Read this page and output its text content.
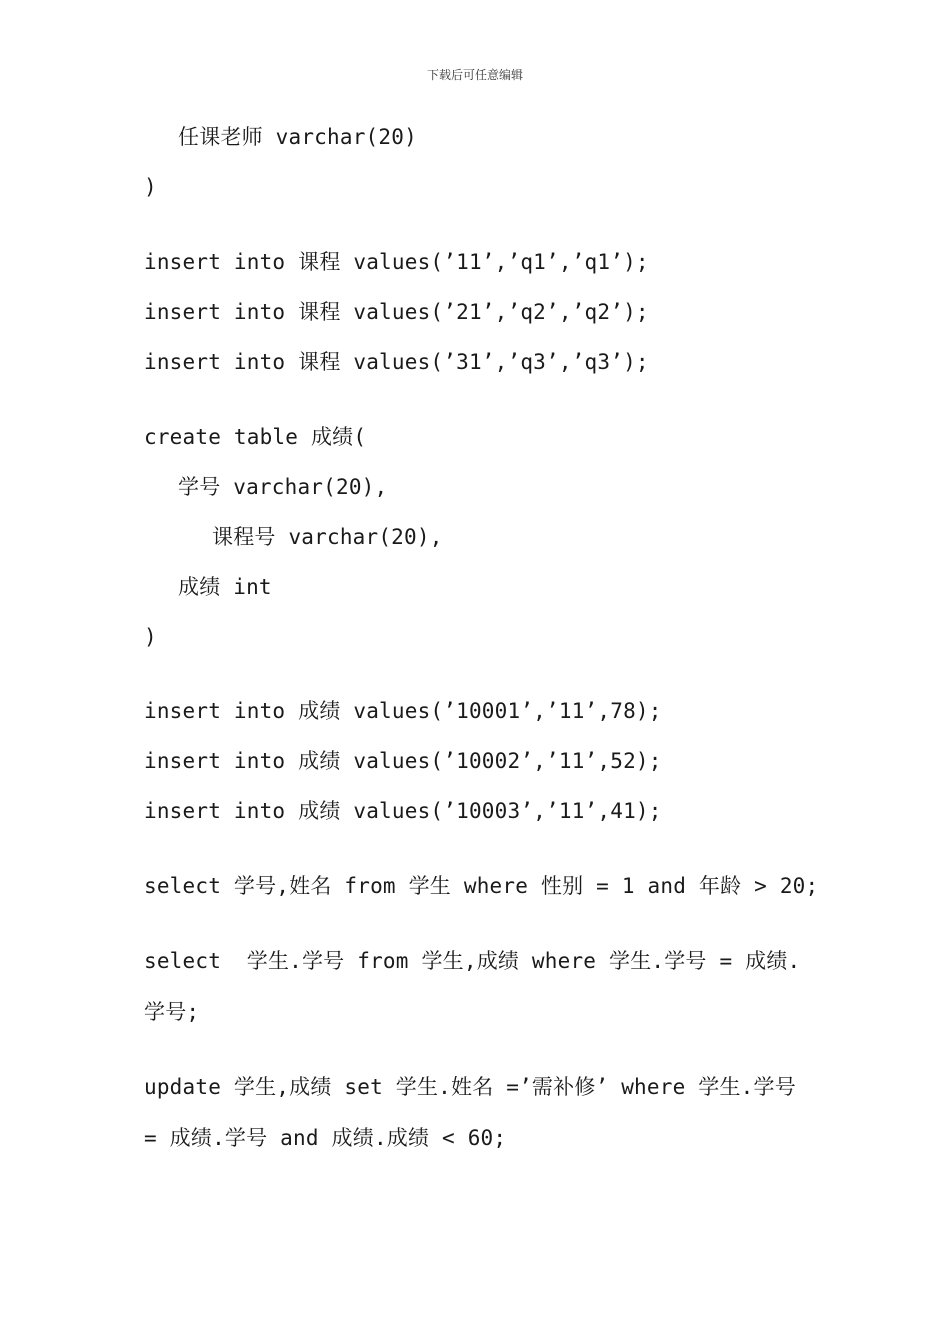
下载后可任意编辑
任课老师 varchar(20)
)
insert into 课程 values(’11’,’q1’,’q1’);
insert into 课程 values(’21’,’q2’,’q2’);
insert into 课程 values(’31’,’q3’,’q3’);
create table 成绩(
学号 varchar(20),
课程号 varchar(20),
成绩 int
)
insert into 成绩 values(’10001’,’11’,78);
insert into 成绩 values(’10002’,’11’,52);
insert into 成绩 values(’10003’,’11’,41);
select 学号,姓名 from 学生 where 性别 = 1 and 年龄 > 20;
select  学生.学号 from 学生,成绩 where 学生.学号 = 成绩.
学号;
update 学生,成绩 set 学生.姓名 =’需补修’ where 学生.学号
= 成绩.学号 and 成绩.成绩 < 60;
